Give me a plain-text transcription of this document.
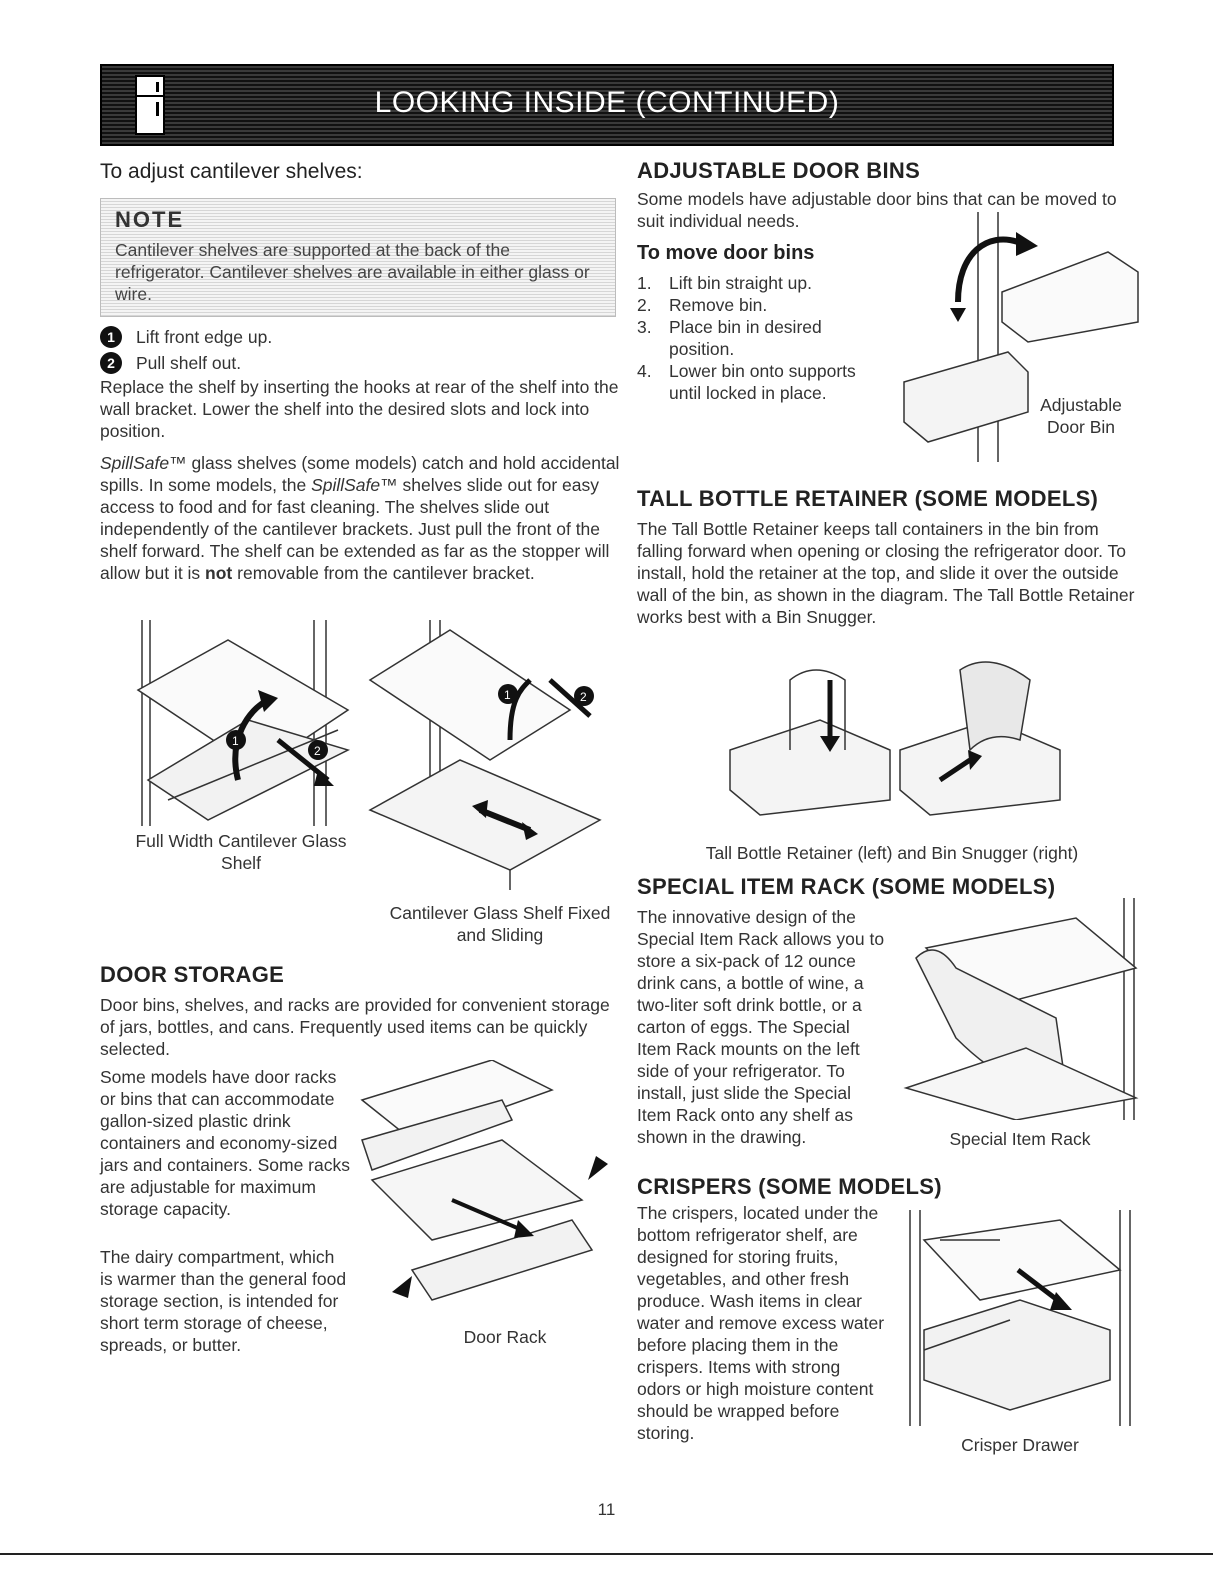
LOOKING INSIDE (CONTINUED)
To adjust cantilever shelves:
NOTE
Cantilever shelves are supported at the back of the refrigerator. Cantilever shelves are available in either glass or wire.
1	Lift front edge up.
2	Pull shelf out.
Replace the shelf by inserting the hooks at rear of the shelf into the wall bracket. Lower the shelf into the desired slots and lock into position.
SpillSafe™ glass shelves (some models) catch and hold accidental spills. In some models, the SpillSafe™ shelves slide out for easy access to food and for fast cleaning. The shelves slide out independently of the cantilever brackets. Just pull the front of the shelf forward. The shelf can be extended as far as the stopper will allow but it is not removable from the cantilever bracket.
1
2
Full Width Cantilever Glass Shelf
1	2
Cantilever Glass Shelf Fixed and Sliding
DOOR STORAGE
Door bins, shelves, and racks are provided for convenient storage of jars, bottles, and cans. Frequently used items can be quickly selected.
Some models have door racks or bins that can accommodate gallon-sized plastic drink containers and economy-sized jars and containers. Some racks are adjustable for maximum storage capacity.
The dairy compartment, which is warmer than the general food storage section, is intended for short term storage of cheese, spreads, or butter.	Door Rack
ADJUSTABLE DOOR BINS
Some models have adjustable door bins that can be moved to suit individual needs.
To move door bins
1. Lift bin straight up.
2. Remove bin.
3. Place bin in desired position.
4. Lower bin onto supports until locked in place.
Adjustable Door Bin
TALL BOTTLE RETAINER (SOME MODELS)
The Tall Bottle Retainer keeps tall containers in the bin from falling forward when opening or closing the refrigerator door. To install, hold the retainer at the top, and slide it over the outside wall of the bin, as shown in the diagram. The Tall Bottle Retainer works best with a Bin Snugger.
Tall Bottle Retainer (left) and Bin Snugger (right)
SPECIAL ITEM RACK (SOME MODELS)
The innovative design of the Special Item Rack allows you to store a six-pack of 12 ounce drink cans, a bottle of wine, a two-liter soft drink bottle, or a carton of eggs. The Special Item Rack mounts on the left side of your refrigerator. To install, just slide the Special Item Rack onto any shelf as shown in the drawing.	Special Item Rack
CRISPERS (SOME MODELS)
The crispers, located under the bottom refrigerator shelf, are designed for storing fruits, vegetables, and other fresh produce. Wash items in clear water and remove excess water before placing them in the crispers. Items with strong odors or high moisture content should be wrapped before storing.
Crisper Drawer
11
